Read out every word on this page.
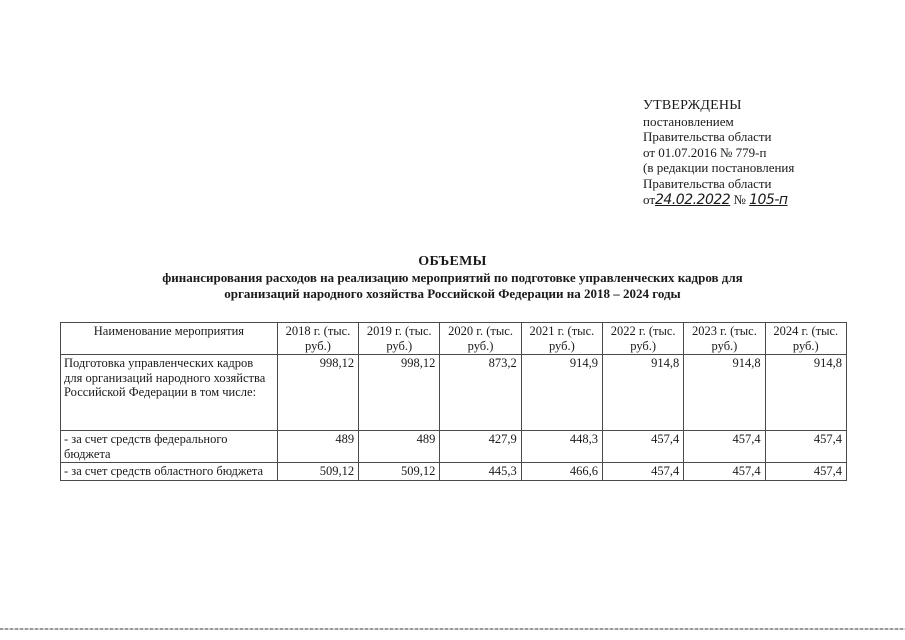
УТВЕРЖДЕНЫ
постановлением
Правительства области
от 01.07.2016 № 779-п
(в редакции постановления
Правительства области
от24.02.2022 № 105-п
ОБЪЕМЫ
финансирования расходов на реализацию мероприятий по подготовке управленческих кадров для
организаций народного хозяйства Российской Федерации на 2018 – 2024 годы
Наименование мероприятия	2018 г. (тыс. руб.)	2019 г. (тыс. руб.)	2020 г. (тыс. руб.)	2021 г. (тыс. руб.)	2022 г. (тыс. руб.)	2023 г. (тыс. руб.)	2024 г. (тыс. руб.)
Подготовка управленческих кадров для организаций народного хозяйства Российской Федерации в том числе:	998,12	998,12	873,2	914,9	914,8	914,8	914,8
- за счет средств федерального бюджета	489	489	427,9	448,3	457,4	457,4	457,4
- за счет средств областного бюджета	509,12	509,12	445,3	466,6	457,4	457,4	457,4
